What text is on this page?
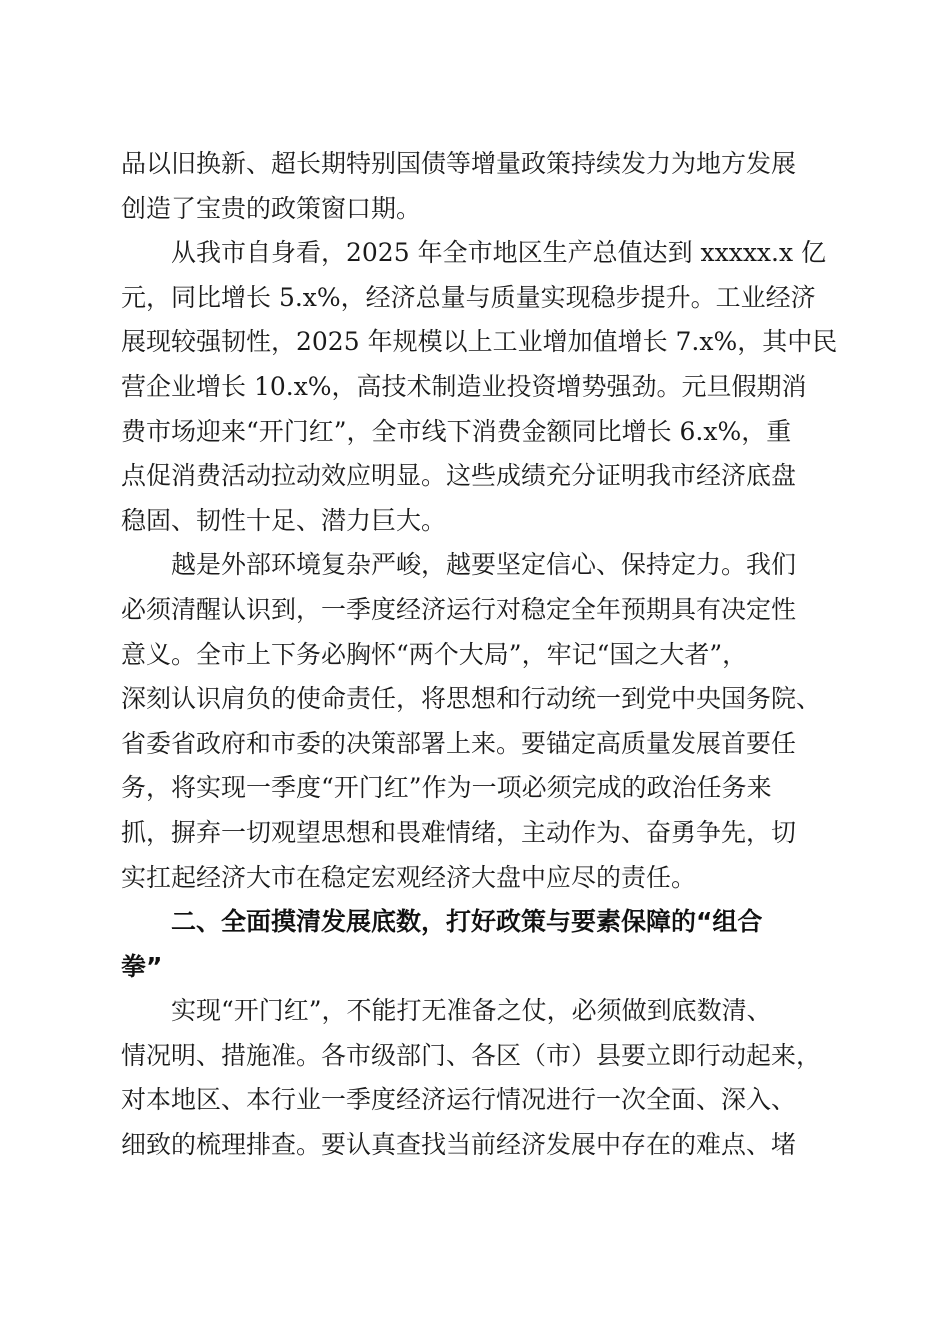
品以旧换新、超长期特别国债等增量政策持续发力为地方发展
创造了宝贵的政策窗口期。
从我市自身看，2025 年全市地区生产总值达到 xxxxx.x 亿
元，同比增长 5.x%，经济总量与质量实现稳步提升。工业经济
展现较强韧性，2025 年规模以上工业增加值增长 7.x%，其中民
营企业增长 10.x%，高技术制造业投资增势强劲。元旦假期消
费市场迎来“开门红”，全市线下消费金额同比增长 6.x%，重
点促消费活动拉动效应明显。这些成绩充分证明我市经济底盘
稳固、韧性十足、潜力巨大。
越是外部环境复杂严峻，越要坚定信心、保持定力。我们
必须清醒认识到，一季度经济运行对稳定全年预期具有决定性
意义。全市上下务必胸怀“两个大局”，牢记“国之大者”，
深刻认识肩负的使命责任，将思想和行动统一到党中央国务院、
省委省政府和市委的决策部署上来。要锚定高质量发展首要任
务，将实现一季度“开门红”作为一项必须完成的政治任务来
抓，摒弃一切观望思想和畏难情绪，主动作为、奋勇争先，切
实扛起经济大市在稳定宏观经济大盘中应尽的责任。
二、全面摸清发展底数，打好政策与要素保障的“组合
拳”
实现“开门红”，不能打无准备之仗，必须做到底数清、
情况明、措施准。各市级部门、各区（市）县要立即行动起来，
对本地区、本行业一季度经济运行情况进行一次全面、深入、
细致的梳理排查。要认真查找当前经济发展中存在的难点、堵
